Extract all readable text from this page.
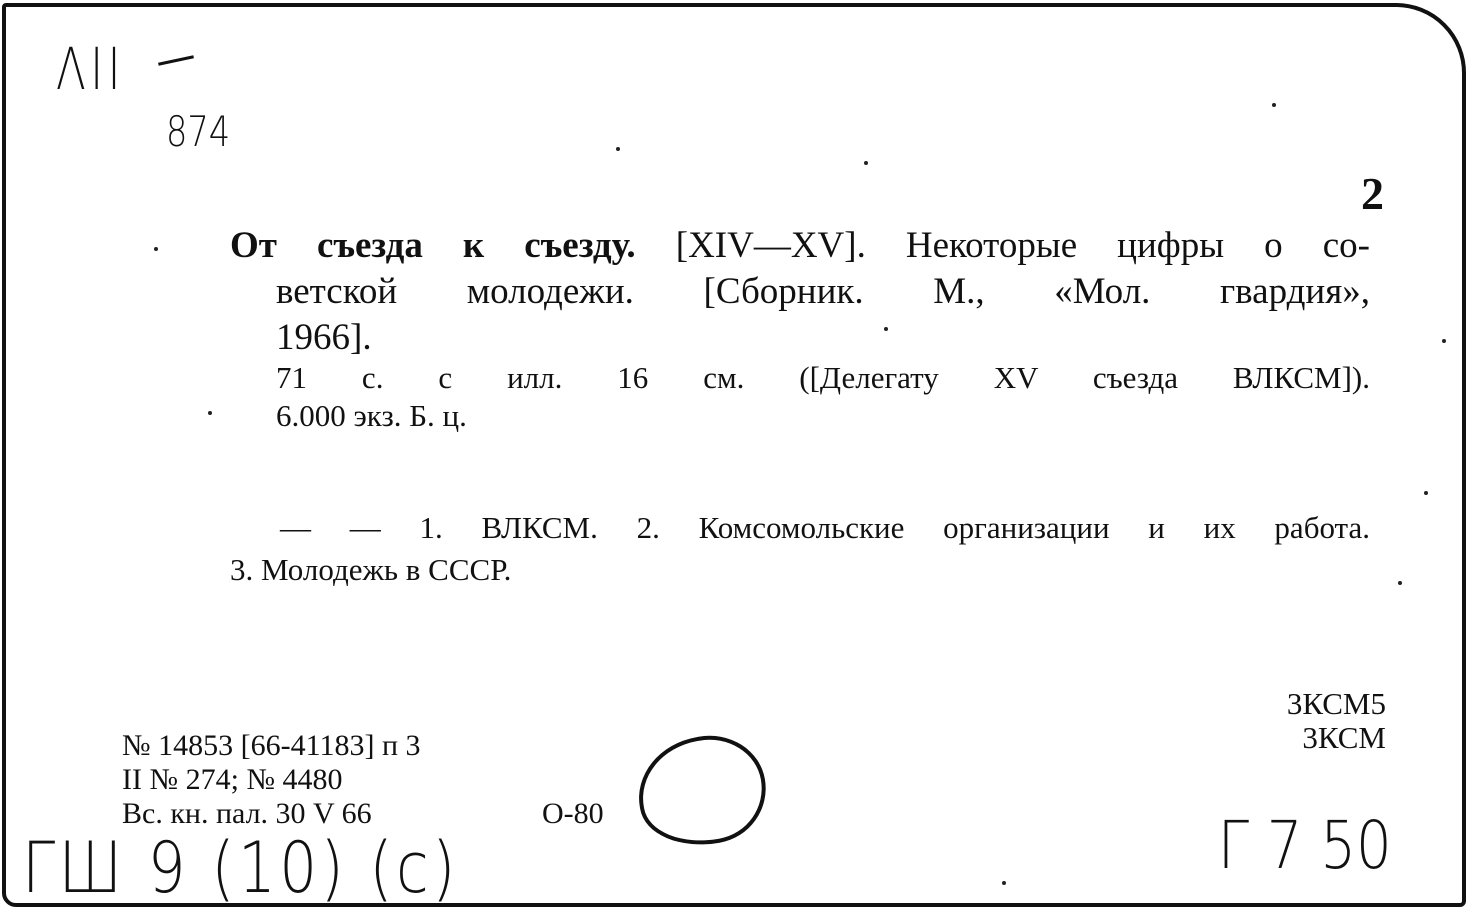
ΛII
874
2
От съезда к съезду. [XIV—XV]. Некоторые цифры о со-
ветской молодежи. [Сборник. М., «Мол. гвардия»,
1966].
71 с. с илл. 16 см. ([Делегату XV съезда ВЛКСМ]).
6.000 экз. Б. ц.
— — 1. ВЛКСМ. 2. Комсомольские организации и их работа.
3. Молодежь в СССР.
3КСМ5
3КСМ
№ 14853 [66-41183] п 3
II № 274; № 4480
Вс. кн. пал. 30 V 66	О-80
ГШ 9 (10) (с)	Г 7 50
